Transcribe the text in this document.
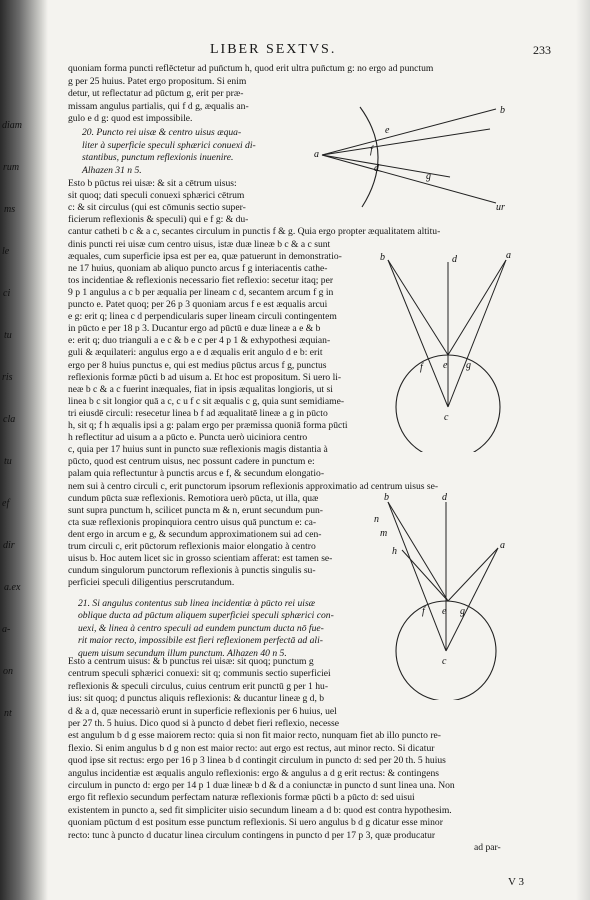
diam
rum
ms
le
ci
tu
ris
cla
tu
ef
dir
a.ex
a-
on
nt
LIBER SEXTVS.	233
quoniam forma puncti reflēctetur ad pun̄ctum h, quod erit ultra pun̄ctum g: no ergo ad punctum
g per 25 huius. Patet ergo propositum. Si enim
detur, ut reflectatur ad pūctum g, erit per præ-
missam angulus partialis, qui f d g, æqualis an-
gulo e d g: quod est impossibile.
20. Puncto rei uisæ & centro uisus æqua-
liter à superficie speculi sphærici conuexi di-
stantibus, punctum reflexionis inuenire.
Alhazen 31 n 5.
Esto b pūctus rei uisæ: & sit a cētrum uisus:
sit quoq; dati speculi conuexi sphærici cētrum
c: & sit circulus (qui est cōmunis sectio super-
ficierum reflexionis & speculi) qui e f g: & du-
cantur catheti b c & a c, secantes circulum in punctis f & g. Quia ergo propter æqualitatem altitu-
dinis puncti rei uisæ cum centro uisus, istæ duæ lineæ b c & a c sunt
æquales, cum superficie ipsa est per ea, quæ patuerunt in demonstratio-
ne 17 huius, quoniam ab aliquo puncto arcus f g interiacentis cathe-
tos incidentiae & reflexionis necessario fiet reflexio: secetur itaq; per
9 p 1 angulus a c b per æqualia per lineam c d, secantem arcum f g in
puncto e. Patet quoq; per 26 p 3 quoniam arcus f e est æqualis arcui
e g: erit q; linea c d perpendicularis super lineam circuli contingentem
in pūcto e per 18 p 3. Ducantur ergo ad pūctū e duæ lineæ a e & b
e: erit q; duo trianguli a e c & b e c per 4 p 1 & exhypothesi æquian-
guli & æquilateri: angulus ergo a e d æqualis erit angulo d e b: erit
ergo per 8 huius punctus e, qui est medius pūctus arcus f g, punctus
reflexionis formæ pūcti b ad uisum a. Et hoc est propositum. Si uero li-
neæ b c & a c fuerint inæquales, fiat in ipsis æqualitas longioris, ut si
linea b c sit longior quā a c, c u f c sit æqualis c g, quia sunt semidiame-
tri eiusdē circuli: resecetur linea b f ad æqualitatē lineæ a g in pūcto
h, sit q; f h æqualis ipsi a g: palam ergo per præmissa quoniā forma pūcti
h reflectitur ad uisum a a pūcto e. Puncta uerò uiciniora centro
c, quia per 17 huius sunt in puncto suæ reflexionis magis distantia à
pūcto, quod est centrum uisus, nec possunt cadere in punctum e:
palam quia reflectuntur à punctis arcus e f, & secundum elongatio-
nem sui à centro circuli c, erit punctorum ipsorum reflexionis approximatio ad centrum uisus se-
cundum pūcta suæ reflexionis. Remotiora uerò pūcta, ut illa, quæ
sunt supra punctum h, scilicet puncta m & n, erunt secundum pun-
cta suæ reflexionis propinquiora centro uisus quā punctum e: ca-
dent ergo in arcum e g, & secundum approximationem sui ad cen-
trum circuli c, erit pūctorum reflexionis maior elongatio à centro
uisus b. Hoc autem licet sic in grosso scientiam afferat: est tamen se-
cundum singulorum punctorum reflexionis à punctis singulis su-
perficiei speculi diligentius perscrutandum.
21. Si angulus contentus sub linea incidentiæ à pūcto rei uisæ
oblique ducta ad pūctum aliquem superficiei speculi sphærici con-
uexi, & linea à centro speculi ad eundem punctum ducta nō fue-
rit maior recto, impossibile est fieri reflexionem perfectā ad ali-
quem uisum secundum illum punctum. Alhazen 40 n 5.
Esto a centrum uisus: & b punctus rei uisæ: sit quoq; punctum g
centrum speculi sphærici conuexi: sit q; communis sectio superficiei
reflexionis & speculi circulus, cuius centrum erit punctū g per 1 hu-
ius: sit quoq; d punctus aliquis reflexionis: & ducantur lineæ g d, b
d & a d, quæ necessariò erunt in superficie reflexionis per 6 huius, uel
per 27 th. 5 huius. Dico quod si à puncto d debet fieri reflexio, necesse
est angulum b d g esse maiorem recto: quia si non fit maior recto, nunquam fiet ab illo puncto re-
flexio. Si enim angulus b d g non est maior recto: aut ergo est rectus, aut minor recto. Si dicatur
quod ipse sit rectus: ergo per 16 p 3 linea b d contingit circulum in puncto d: sed per 20 th. 5 huius
angulus incidentiæ est æqualis angulo reflexionis: ergo & angulus a d g erit rectus: & contingens
circulum in puncto d: ergo per 14 p 1 duæ lineæ b d & d a coniunctæ in puncto d sunt linea una. Non
ergo fit reflexio secundum perfectam naturæ reflexionis formæ pūcti b a pūcto d: sed uisui
existentem in puncto a, sed fit simpliciter uisio secundum lineam a d b: quod est contra hypothesim.
quoniam pūctum d est positum esse punctum reflexionis. Si uero angulus b d g dicatur esse minor
recto: tunc à puncto d ducatur linea circulum contingens in puncto d per 17 p 3, quæ producatur
ad par-
a
b
d
e
f
g
ur
b	a
d
f e g
c
b
n
m
h
d
a
f e g
c
V 3
